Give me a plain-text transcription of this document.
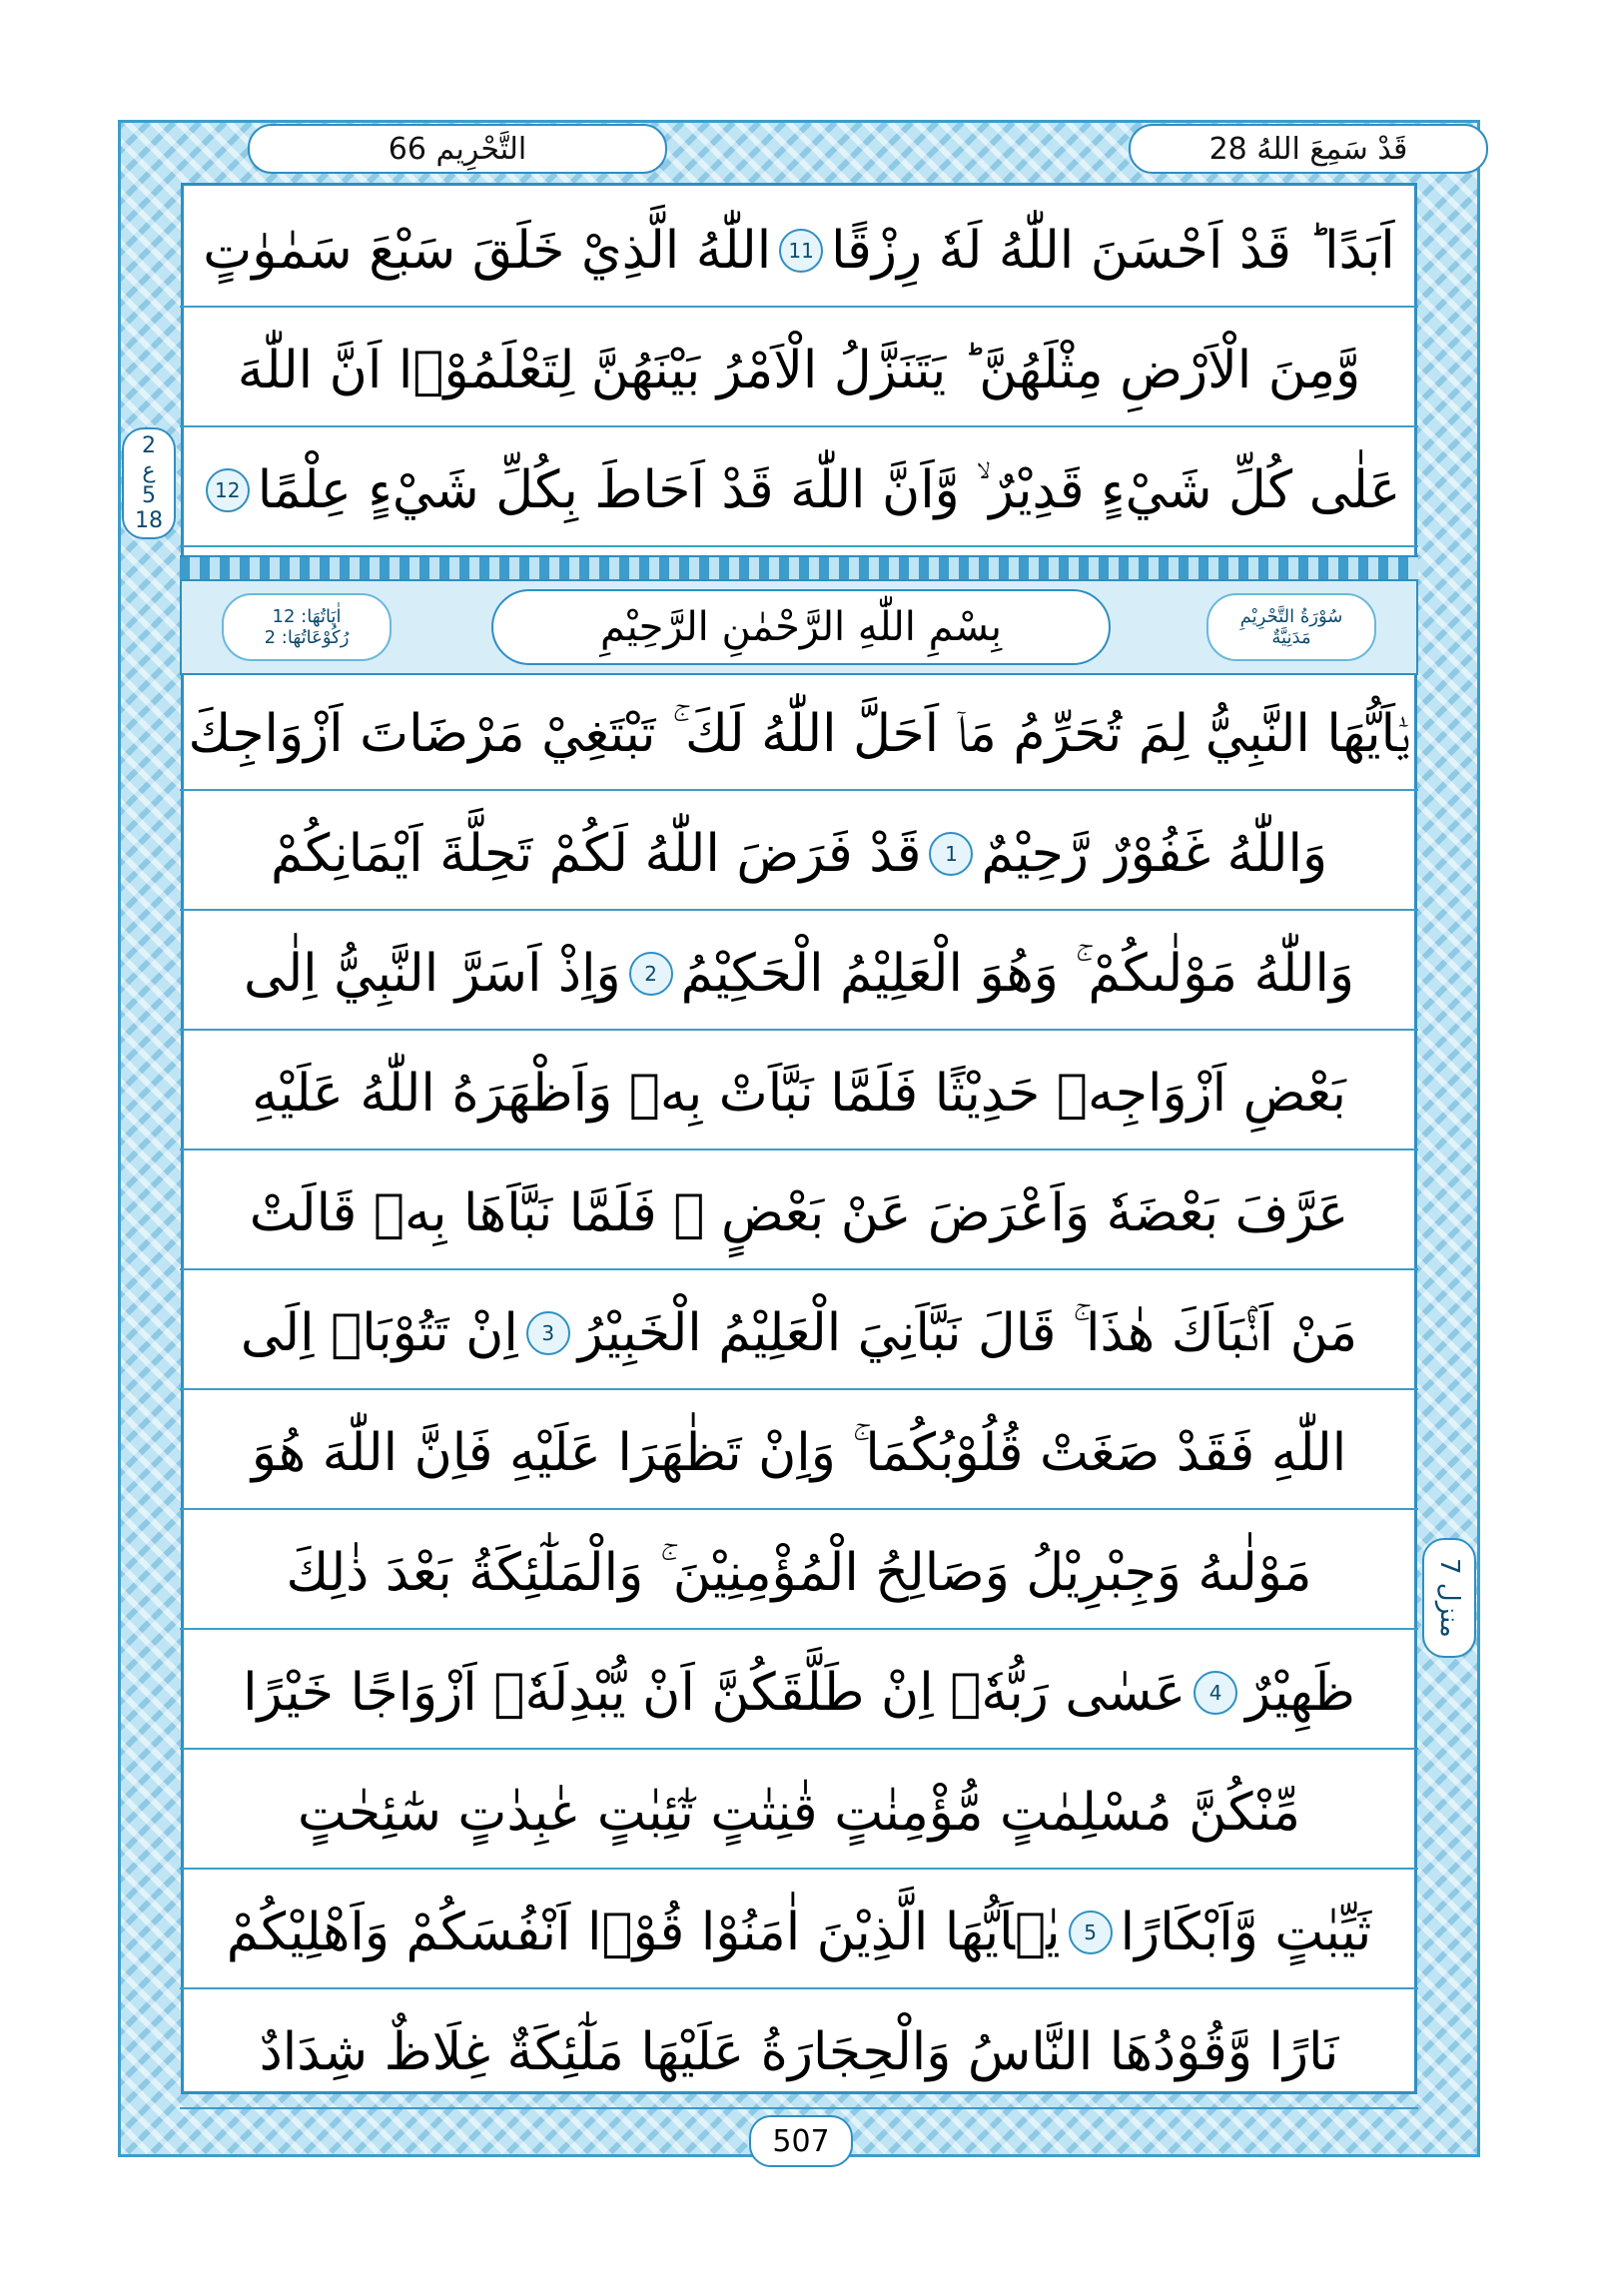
التَّحْرِيم 66	قَدْ سَمِعَ اللهُ 28
اَبَدًا ؕ قَدْ اَحْسَنَ اللّٰهُ لَهٗ رِزْقًا
11
اللّٰهُ الَّذِيْ خَلَقَ سَبْعَ سَمٰوٰتٍ
وَّمِنَ الْاَرْضِ مِثْلَهُنَّ ؕ يَتَنَزَّلُ الْاَمْرُ بَيْنَهُنَّ لِتَعْلَمُوْۤا اَنَّ اللّٰهَ
عَلٰى كُلِّ شَيْءٍ قَدِيْرٌ ۙ وَّاَنَّ اللّٰهَ قَدْ اَحَاطَ بِكُلِّ شَيْءٍ عِلْمًا
12
2
ع
5
18
سُوْرَةُ التَّحْرِيْمِ
مَدَنِيَّةٌ
بِسْمِ اللّٰهِ الرَّحْمٰنِ الرَّحِيْمِ
اٰيَاتُهَا: 12
رُكُوْعَاتُهَا: 2
يٰۤاَيُّهَا النَّبِيُّ لِمَ تُحَرِّمُ مَاۤ اَحَلَّ اللّٰهُ لَكَ ۚ تَبْتَغِيْ مَرْضَاتَ اَزْوَاجِكَ
وَاللّٰهُ غَفُوْرٌ رَّحِيْمٌ
1
قَدْ فَرَضَ اللّٰهُ لَكُمْ تَحِلَّةَ اَيْمَانِكُمْ
وَاللّٰهُ مَوْلٰىكُمْ ۚ وَهُوَ الْعَلِيْمُ الْحَكِيْمُ
2
وَاِذْ اَسَرَّ النَّبِيُّ اِلٰى
بَعْضِ اَزْوَاجِهٖ حَدِيْثًا فَلَمَّا نَبَّاَتْ بِهٖ وَاَظْهَرَهُ اللّٰهُ عَلَيْهِ
عَرَّفَ بَعْضَهٗ وَاَعْرَضَ عَنْ بَعْضٍ ۚ فَلَمَّا نَبَّاَهَا بِهٖ قَالَتْ
مَنْ اَنْۢبَاَكَ هٰذَا ۚ قَالَ نَبَّاَنِيَ الْعَلِيْمُ الْخَبِيْرُ
3
اِنْ تَتُوْبَاۤ اِلَى
اللّٰهِ فَقَدْ صَغَتْ قُلُوْبُكُمَا ۚ وَاِنْ تَظٰهَرَا عَلَيْهِ فَاِنَّ اللّٰهَ هُوَ
مَوْلٰىهُ وَجِبْرِيْلُ وَصَالِحُ الْمُؤْمِنِيْنَ ۚ وَالْمَلٰٓئِكَةُ بَعْدَ ذٰلِكَ
ظَهِيْرٌ
4
عَسٰى رَبُّهٗۤ اِنْ طَلَّقَكُنَّ اَنْ يُّبْدِلَهٗۤ اَزْوَاجًا خَيْرًا
مِّنْكُنَّ مُسْلِمٰتٍ مُّؤْمِنٰتٍ قٰنِتٰتٍ تٰٓئِبٰتٍ عٰبِدٰتٍ سٰٓئِحٰتٍ
ثَيِّبٰتٍ وَّاَبْكَارًا
5
يٰۤاَيُّهَا الَّذِيْنَ اٰمَنُوْا قُوْۤا اَنْفُسَكُمْ وَاَهْلِيْكُمْ
نَارًا وَّقُوْدُهَا النَّاسُ وَالْحِجَارَةُ عَلَيْهَا مَلٰٓئِكَةٌ غِلَاظٌ شِدَادٌ
منزل 7
507
